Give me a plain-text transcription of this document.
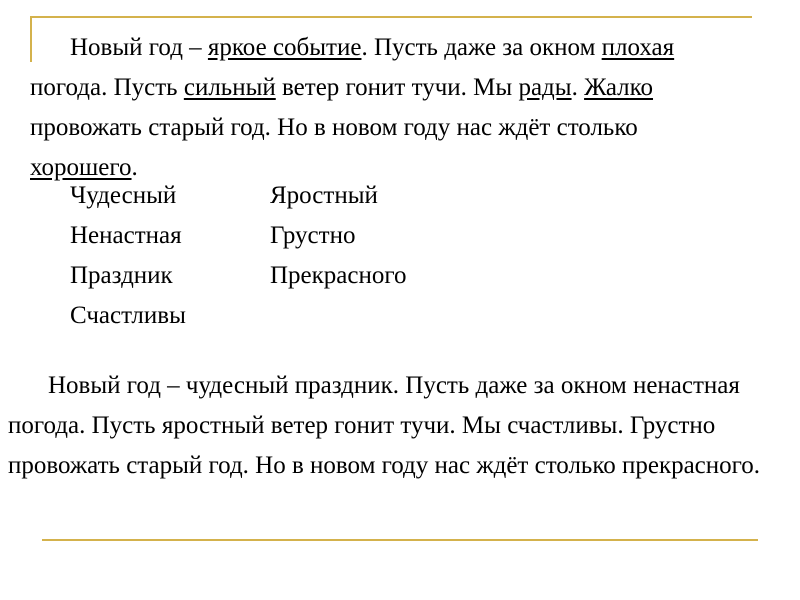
Новый год – яркое событие. Пусть даже за окном плохая погода. Пусть сильный ветер гонит тучи. Мы рады. Жалко провожать старый год. Но в новом году нас ждёт столько хорошего.

Чудесный	Яростный
Ненастная	Грустно
Праздник	Прекрасного
Счастливы

Новый год – чудесный праздник. Пусть даже за окном ненастная погода. Пусть яростный ветер гонит тучи. Мы счастливы. Грустно провожать старый год. Но в новом году нас ждёт столько прекрасного.
